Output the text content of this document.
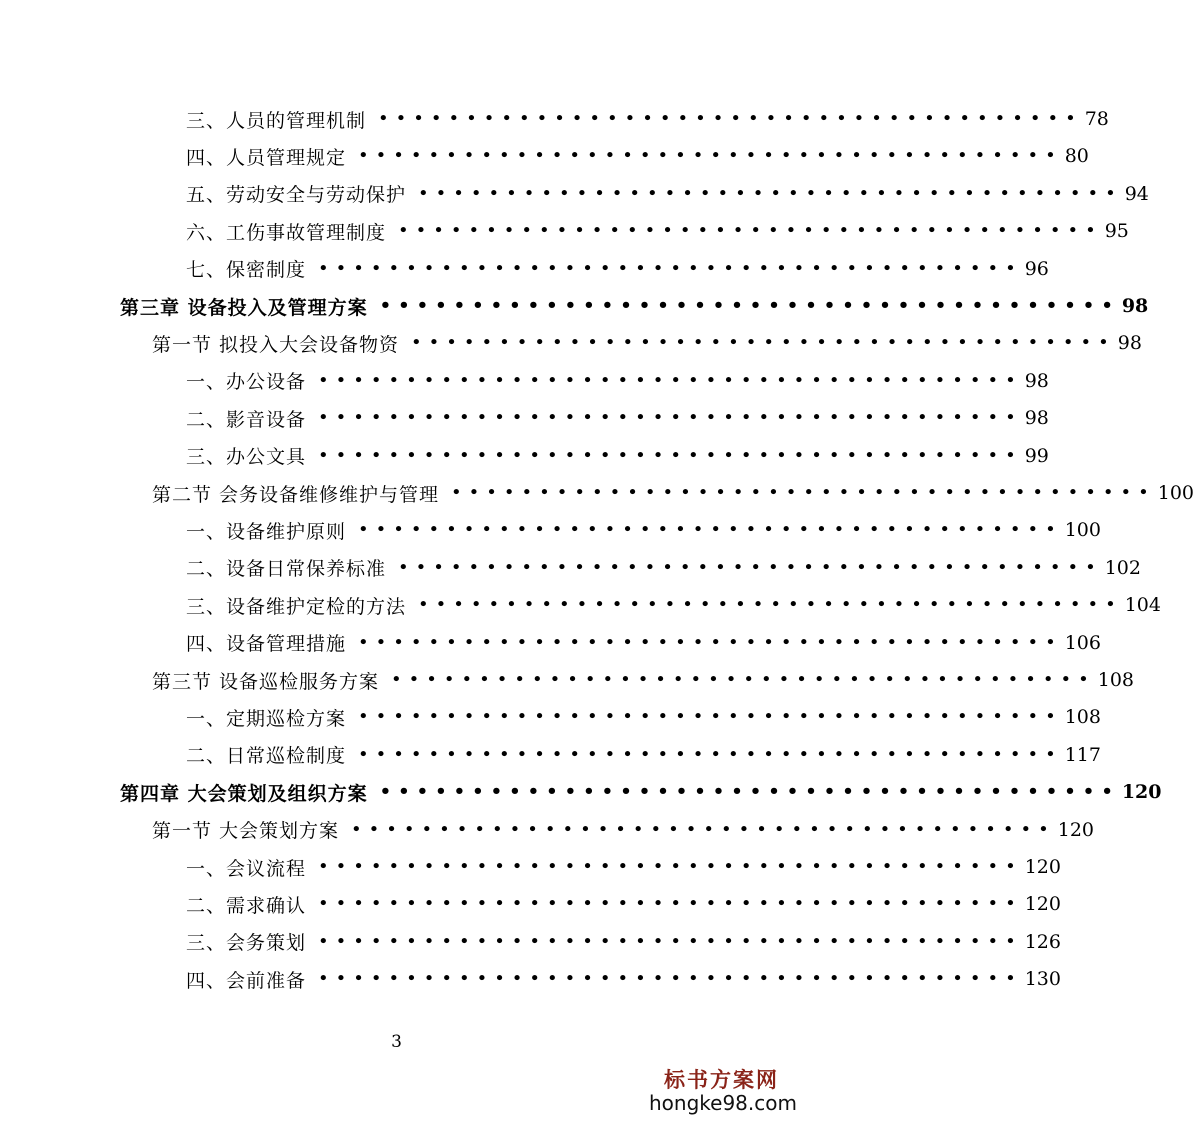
三、人员的管理机制 •••••••••••••••••••••••••••••••••••••••• 78
四、人员管理规定 •••••••••••••••••••••••••••••••••••••••• 80
五、劳动安全与劳动保护 •••••••••••••••••••••••••••••••••••••••• 94
六、工伤事故管理制度 •••••••••••••••••••••••••••••••••••••••• 95
七、保密制度 •••••••••••••••••••••••••••••••••••••••• 96
第三章 设备投入及管理方案 •••••••••••••••••••••••••••••••••••••••• 98
第一节 拟投入大会设备物资 •••••••••••••••••••••••••••••••••••••••• 98
一、办公设备 •••••••••••••••••••••••••••••••••••••••• 98
二、影音设备 •••••••••••••••••••••••••••••••••••••••• 98
三、办公文具 •••••••••••••••••••••••••••••••••••••••• 99
第二节 会务设备维修维护与管理 •••••••••••••••••••••••••••••••••••••••• 100
一、设备维护原则 •••••••••••••••••••••••••••••••••••••••• 100
二、设备日常保养标准 •••••••••••••••••••••••••••••••••••••••• 102
三、设备维护定检的方法 •••••••••••••••••••••••••••••••••••••••• 104
四、设备管理措施 •••••••••••••••••••••••••••••••••••••••• 106
第三节 设备巡检服务方案 •••••••••••••••••••••••••••••••••••••••• 108
一、定期巡检方案 •••••••••••••••••••••••••••••••••••••••• 108
二、日常巡检制度 •••••••••••••••••••••••••••••••••••••••• 117
第四章 大会策划及组织方案 •••••••••••••••••••••••••••••••••••••••• 120
第一节 大会策划方案 •••••••••••••••••••••••••••••••••••••••• 120
一、会议流程 •••••••••••••••••••••••••••••••••••••••• 120
二、需求确认 •••••••••••••••••••••••••••••••••••••••• 120
三、会务策划 •••••••••••••••••••••••••••••••••••••••• 126
四、会前准备 •••••••••••••••••••••••••••••••••••••••• 130
3
标书方案网
hongke98.com
